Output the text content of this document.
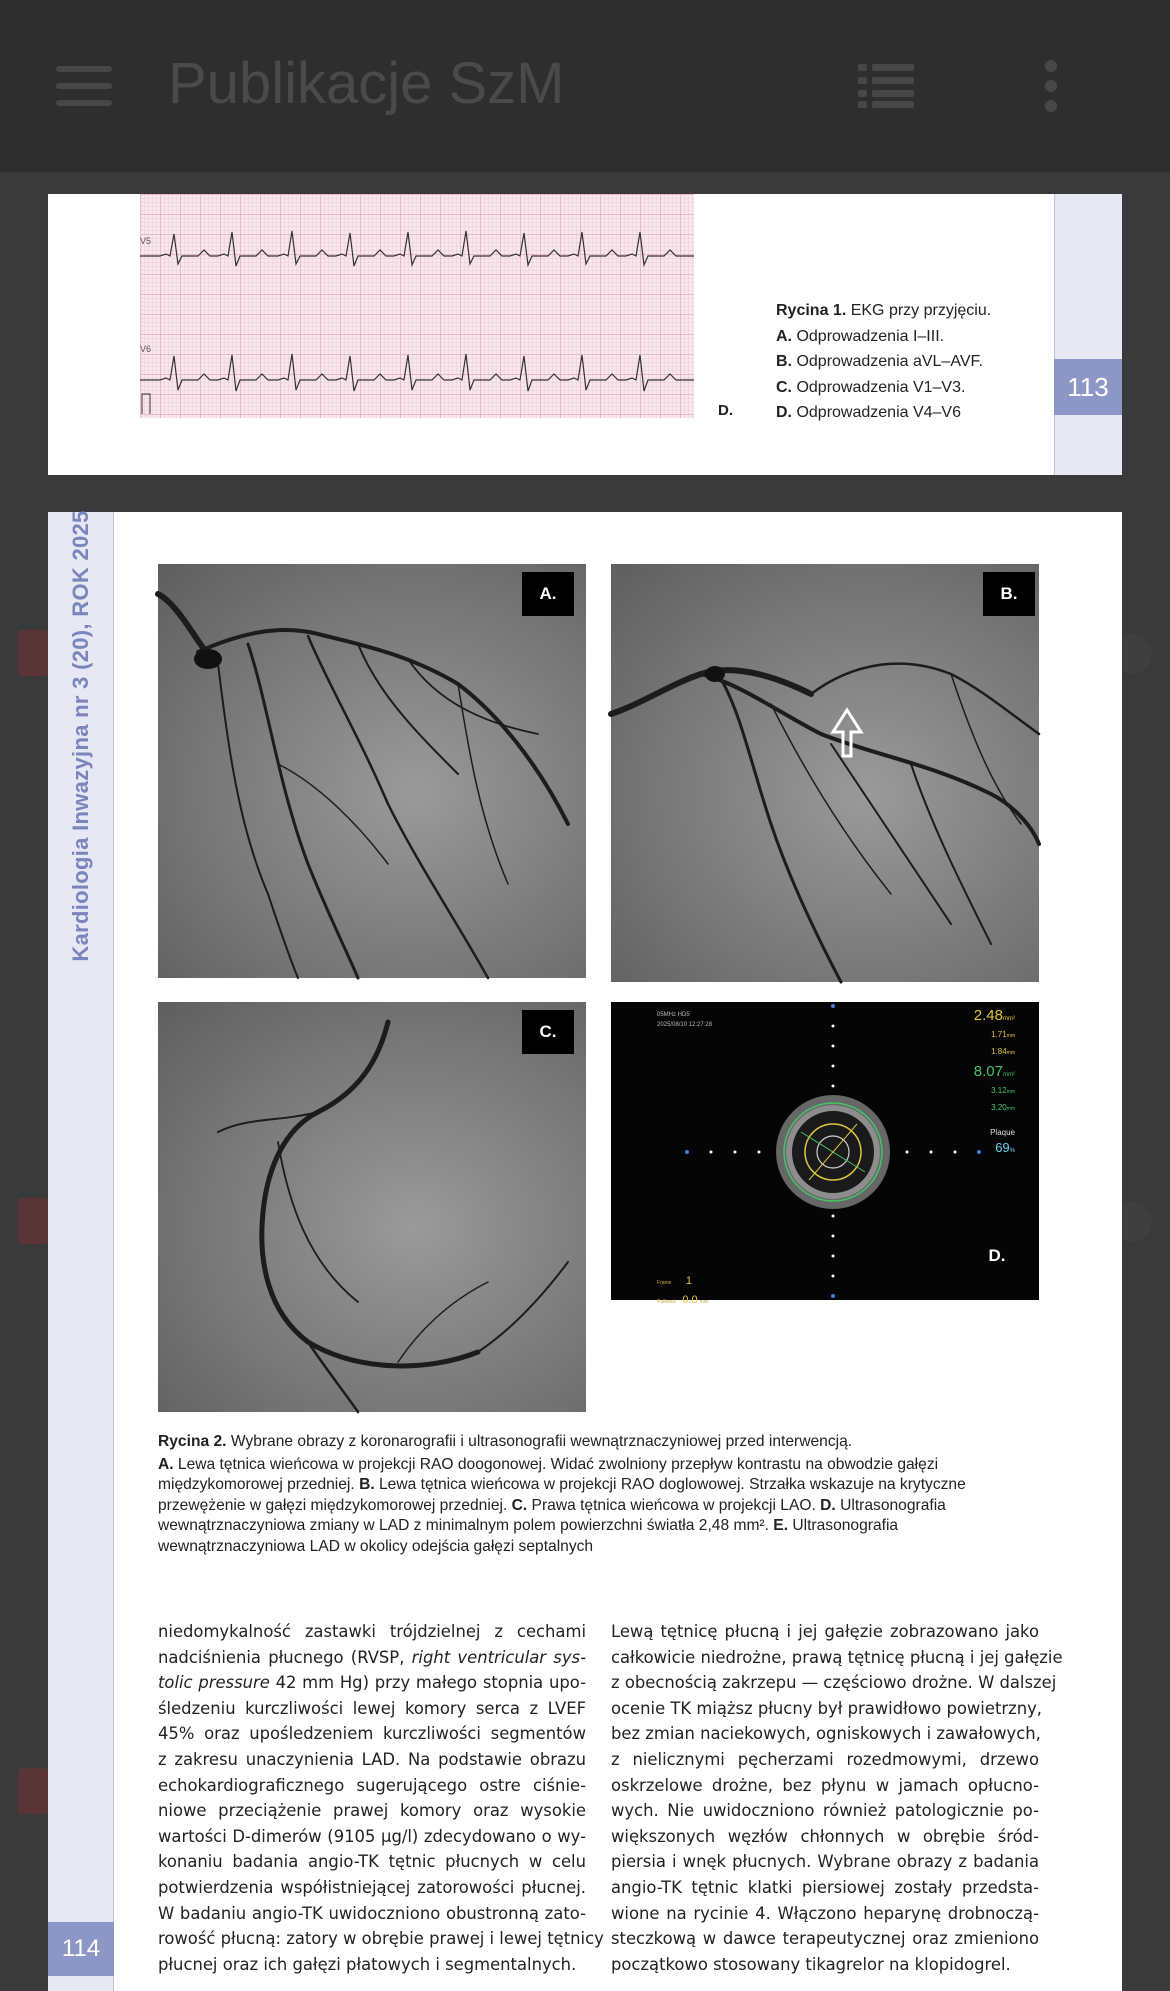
Publikacje SzM
V5
V6
D.
Rycina 1. EKG przy przyjęciu.
A. Odprowadzenia I–III.
B. Odprowadzenia aVL–AVF.
C. Odprowadzenia V1–V3.
D. Odprowadzenia V4–V6
113
Kardiologia Inwazyjna nr 3 (20), ROK 2025
114
A.	B.
C.
05MHz HD5
2025/08/10 12:27:28
2.48mm²
1.71mm
1.84mm
8.07mm²
3.12mm
3.20mm
Plaque
69%
Frame 1
Pullback 0.0 mm
D.
Rycina 2. Wybrane obrazy z koronarografii i ultrasonografii wewnątrznaczyniowej przed interwencją.
A. Lewa tętnica wieńcowa w projekcji RAO doogonowej. Widać zwolniony przepływ kontrastu na obwodzie gałęzi międzykomorowej przedniej. B. Lewa tętnica wieńcowa w projekcji RAO doglowowej. Strzałka wskazuje na krytyczne przewężenie w gałęzi międzykomorowej przedniej. C. Prawa tętnica wieńcowa w projekcji LAO. D. Ultrasonografia wewnątrznaczyniowa zmiany w LAD z minimalnym polem powierzchni światła 2,48 mm². E. Ultrasonografia wewnątrznaczyniowa LAD w okolicy odejścia gałęzi septalnych
niedomykalność zastawki trójdzielnej z cechami
nadciśnienia płucnego (RVSP, right ventricular sys-
tolic pressure 42 mm Hg) przy małego stopnia upo-
śledzeniu kurczliwości lewej komory serca z LVEF
45% oraz upośledzeniem kurczliwości segmentów
z zakresu unaczynienia LAD. Na podstawie obrazu
echokardiograficznego sugerującego ostre ciśnie-
niowe przeciążenie prawej komory oraz wysokie
wartości D-dimerów (9105 µg/l) zdecydowano o wy-
konaniu badania angio-TK tętnic płucnych w celu
potwierdzenia współistniejącej zatorowości płucnej.
W badaniu angio-TK uwidoczniono obustronną zato-
rowość płucną: zatory w obrębie prawej i lewej tętnicy
płucnej oraz ich gałęzi płatowych i segmentalnych.
Lewą tętnicę płucną i jej gałęzie zobrazowano jako
całkowicie niedrożne, prawą tętnicę płucną i jej gałęzie
z obecnością zakrzepu — częściowo drożne. W dalszej
ocenie TK miąższ płucny był prawidłowo powietrzny,
bez zmian naciekowych, ogniskowych i zawałowych,
z nielicznymi pęcherzami rozedmowymi, drzewo
oskrzelowe drożne, bez płynu w jamach opłucno-
wych. Nie uwidoczniono również patologicznie po-
większonych węzłów chłonnych w obrębie śród-
piersia i wnęk płucnych. Wybrane obrazy z badania
angio-TK tętnic klatki piersiowej zostały przedsta-
wione na rycinie 4. Włączono heparynę drobnoczą-
steczkową w dawce terapeutycznej oraz zmieniono
początkowo stosowany tikagrelor na klopidogrel.
